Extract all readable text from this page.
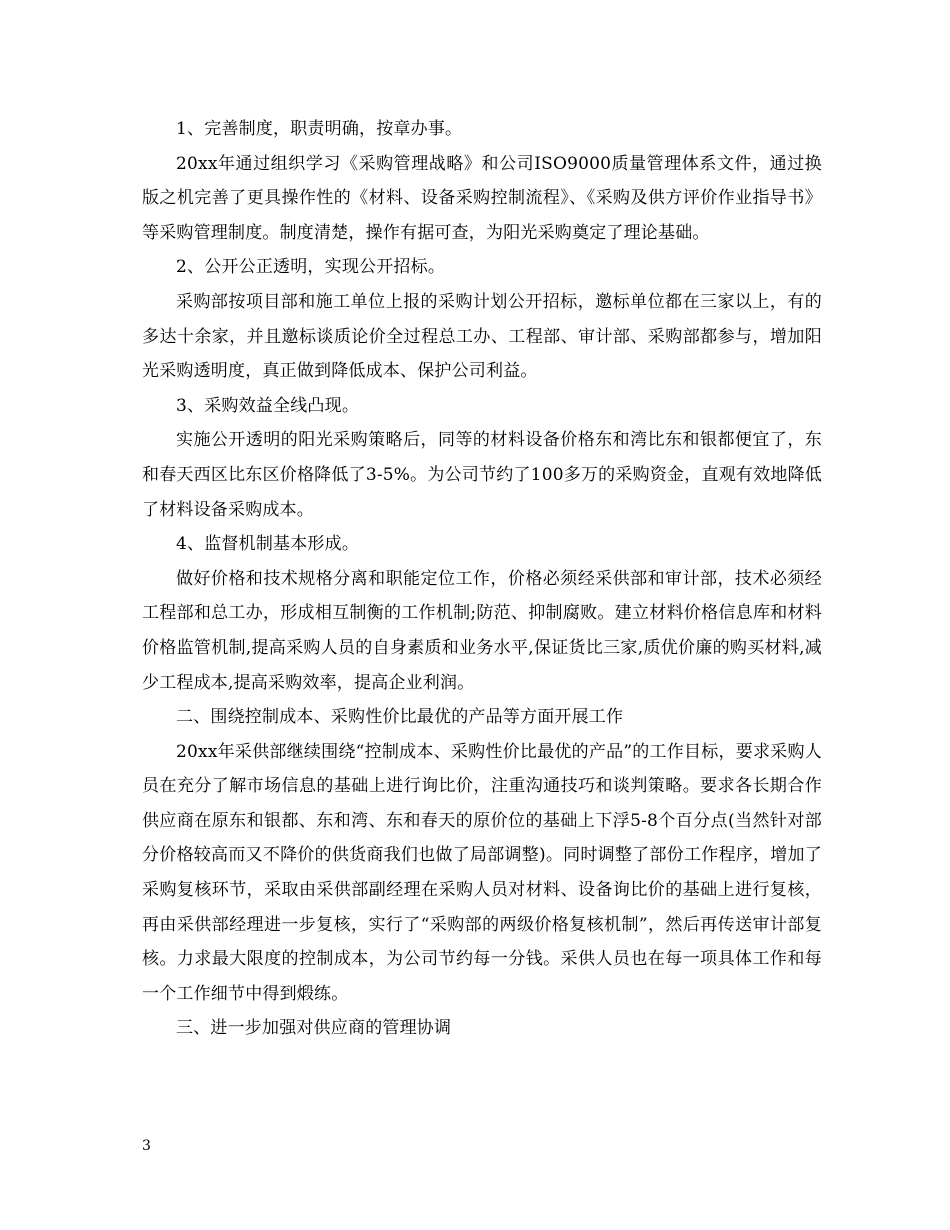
1、完善制度，职责明确，按章办事。

20xx年通过组织学习《采购管理战略》和公司ISO9000质量管理体系文件，通过换版之机完善了更具操作性的《材料、设备采购控制流程》、《采购及供方评价作业指导书》等采购管理制度。制度清楚，操作有据可查，为阳光采购奠定了理论基础。

2、公开公正透明，实现公开招标。

采购部按项目部和施工单位上报的采购计划公开招标，邀标单位都在三家以上，有的多达十余家，并且邀标谈质论价全过程总工办、工程部、审计部、采购部都参与，增加阳光采购透明度，真正做到降低成本、保护公司利益。

3、采购效益全线凸现。

实施公开透明的阳光采购策略后，同等的材料设备价格东和湾比东和银都便宜了，东和春天西区比东区价格降低了3-5%。为公司节约了100多万的采购资金，直观有效地降低了材料设备采购成本。

4、监督机制基本形成。

做好价格和技术规格分离和职能定位工作，价格必须经采供部和审计部，技术必须经工程部和总工办，形成相互制衡的工作机制;防范、抑制腐败。建立材料价格信息库和材料价格监管机制,提高采购人员的自身素质和业务水平,保证货比三家,质优价廉的购买材料,减少工程成本,提高采购效率，提高企业利润。

二、围绕控制成本、采购性价比最优的产品等方面开展工作

20xx年采供部继续围绕“控制成本、采购性价比最优的产品”的工作目标，要求采购人员在充分了解市场信息的基础上进行询比价，注重沟通技巧和谈判策略。要求各长期合作供应商在原东和银都、东和湾、东和春天的原价位的基础上下浮5-8个百分点(当然针对部分价格较高而又不降价的供货商我们也做了局部调整)。同时调整了部份工作程序，增加了采购复核环节，采取由采供部副经理在采购人员对材料、设备询比价的基础上进行复核，再由采供部经理进一步复核，实行了“采购部的两级价格复核机制”，然后再传送审计部复核。力求最大限度的控制成本，为公司节约每一分钱。采供人员也在每一项具体工作和每一个工作细节中得到煅练。

三、进一步加强对供应商的管理协调

3
